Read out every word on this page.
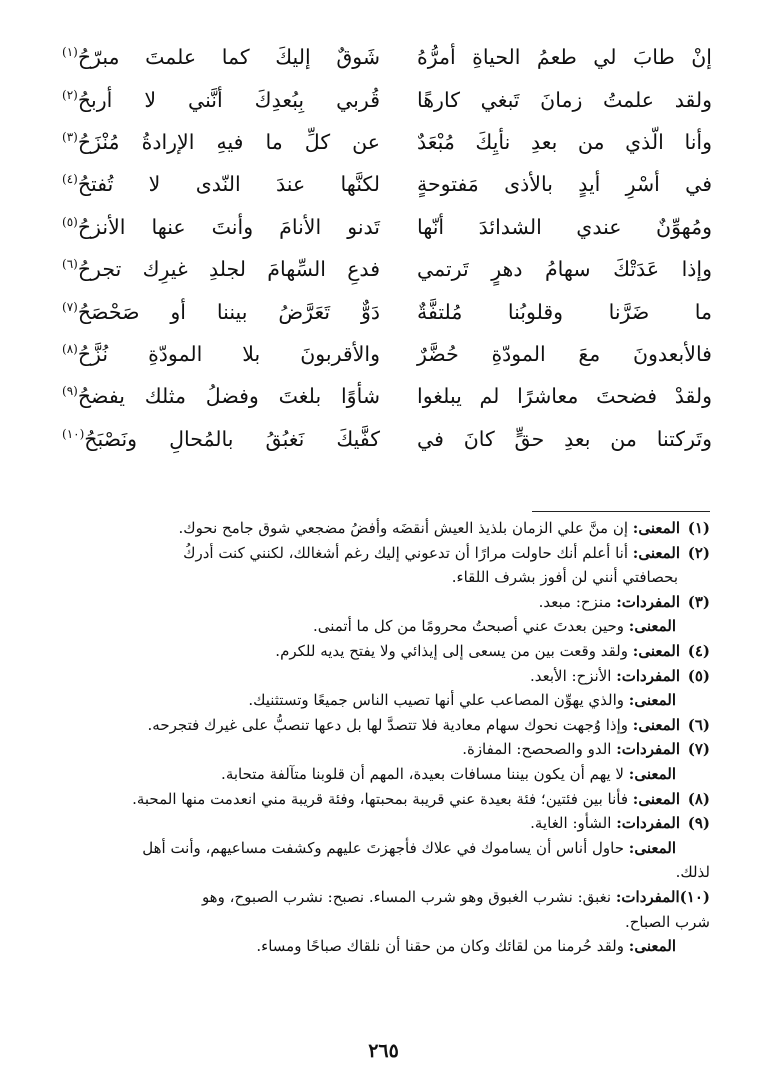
إنْ طابَ لي طعمُ الحياةِ أمرُّهُ
شَوقٌ إليكَ كما علمتَ مبرّحُ$^{(١)}$
ولقد علمتُ زمانَ تَبغي كارهًا
قُربي بِبُعدِكَ أنَّني لا أربحُ$^{(٢)}$
وأنا الّذي من بعدِ نأيِكَ مُبْعَدٌ
عن كلِّ ما فيهِ الإرادةُ مُنْزَحُ$^{(٣)}$
في أسْرِ أيدٍ بالأذى مَفتوحةٍ
لكنَّها عندَ النّدى لا تُفتحُ$^{(٤)}$
ومُهوِّنٌ عندي الشدائدَ أنّها
تَدنو الأنامَ وأنتَ عنها الأنزحُ$^{(٥)}$
وإذا عَدَتْكَ سهامُ دهرٍ تَرتمي
فدعِ السِّهامَ لجلدِ غيرِك تجرحُ$^{(٦)}$
ما ضَرَّنا وقلوبُنا مُلتفَّةٌ
دَوٌّ تَعَرَّضُ بيننا أو صَحْصَحُ$^{(٧)}$
فالأبعدونَ معَ المودّةِ حُضَّرٌ
والأقربونَ بلا المودّةِ نُزَّحُ$^{(٨)}$
ولقدْ فضحتَ معاشرًا لم يبلغوا
شأوًا بلغتَ وفضلُ مثلك يفضحُ$^{(٩)}$
وتَركتنا من بعدِ حقٍّ كانَ في
كفَّيكَ نَغبُقُ بالمُحالِ ونَصْبَحُ$^{(١٠)}$
(١)المعنى: إن منَّ علي الزمان بلذيذ العيش أنقضَه وأفضُ مضجعي شوق جامح نحوك.
(٢)المعنى: أنا أعلم أنك حاولت مرارًا أن تدعوني إليك رغم أشغالك، لكنني كنت أدركُ
بحصافتي أنني لن أفوز بشرف اللقاء.
(٣)المفردات: منزح: مبعد.
المعنى: وحين بعدتَ عني أصبحتُ محرومًا من كل ما أتمنى.
(٤)المعنى: ولقد وقعت بين من يسعى إلى إيذائي ولا يفتح يديه للكرم.
(٥)المفردات: الأنزح: الأبعد.
المعنى: والذي يهوِّن المصاعب علي أنها تصيب الناس جميعًا وتستثنيك.
(٦)المعنى: وإذا وُجهت نحوك سهام معادية فلا تتصدَّ لها بل دعها تنصبُّ على غيرك فتجرحه.
(٧)المفردات: الدو والصحصح: المفازة.
المعنى: لا يهم أن يكون بيننا مسافات بعيدة، المهم أن قلوبنا متآلفة متحابة.
(٨)المعنى: فأنا بين فئتين؛ فئة بعيدة عني قريبة بمحبتها، وفئة قريبة مني انعدمت منها المحبة.
(٩)المفردات: الشأو: الغاية.
المعنى: حاول أناس أن يساموك في علاك فأجهزتَ عليهم وكشفت مساعيهم، وأنت أهل
لذلك.
(١٠)المفردات: نغبق: نشرب الغبوق وهو شرب المساء. نصبح: نشرب الصبوح، وهو
شرب الصباح.
المعنى: ولقد حُرمنا من لقائك وكان من حقنا أن نلقاك صباحًا ومساء.
٢٦٥
